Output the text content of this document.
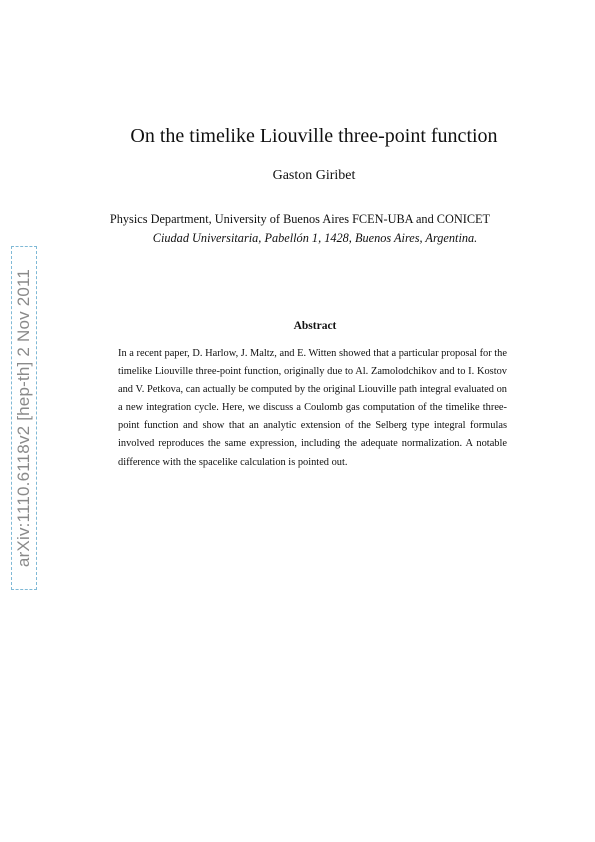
arXiv:1110.6118v2 [hep-th] 2 Nov 2011
On the timelike Liouville three-point function
Gaston Giribet
Physics Department, University of Buenos Aires FCEN-UBA and CONICET
Ciudad Universitaria, Pabellón 1, 1428, Buenos Aires, Argentina.
Abstract

In a recent paper, D. Harlow, J. Maltz, and E. Witten showed that a particular proposal for the timelike Liouville three-point function, originally due to Al. Zamolodchikov and to I. Kostov and V. Petkova, can actually be computed by the original Liouville path integral evaluated on a new integration cycle. Here, we discuss a Coulomb gas computation of the timelike three-point function and show that an analytic extension of the Selberg type integral formulas involved reproduces the same expression, including the adequate normalization. A notable difference with the spacelike calculation is pointed out.
